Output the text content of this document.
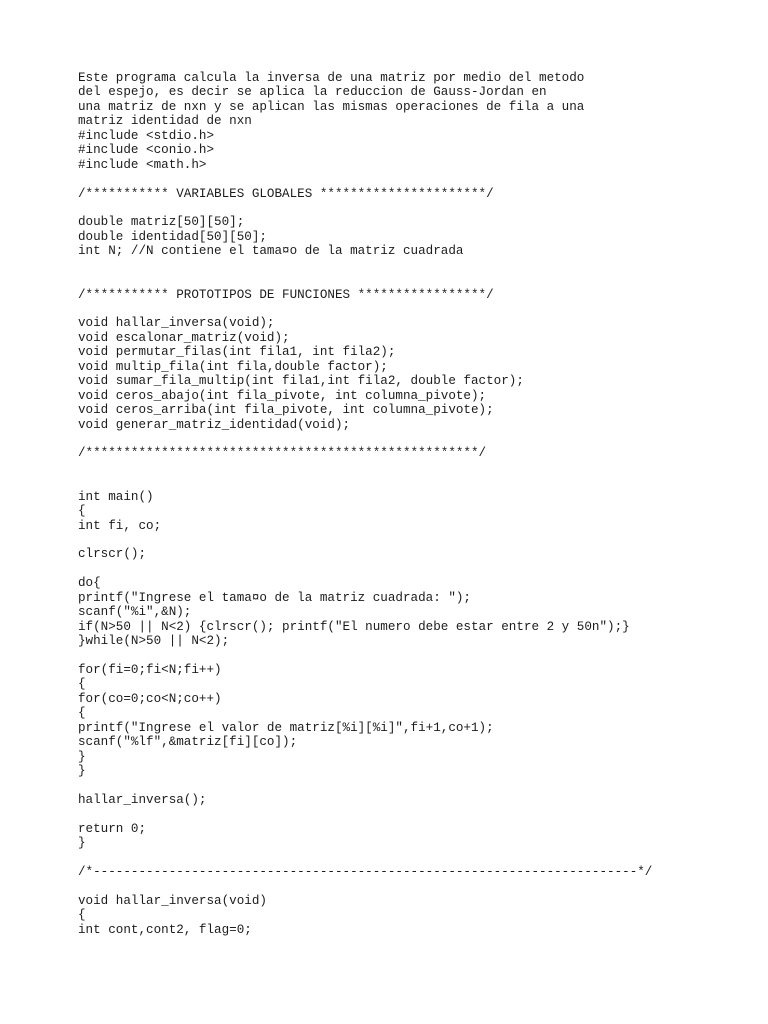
Este programa calcula la inversa de una matriz por medio del metodo
del espejo, es decir se aplica la reduccion de Gauss-Jordan en
una matriz de nxn y se aplican las mismas operaciones de fila a una
matriz identidad de nxn
#include <stdio.h>
#include <conio.h>
#include <math.h>
/*********** VARIABLES GLOBALES **********************/
double matriz[50][50];
double identidad[50][50];
int N; //N contiene el tama¤o de la matriz cuadrada
/*********** PROTOTIPOS DE FUNCIONES *****************/
void hallar_inversa(void);
void escalonar_matriz(void);
void permutar_filas(int fila1, int fila2);
void multip_fila(int fila,double factor);
void sumar_fila_multip(int fila1,int fila2, double factor);
void ceros_abajo(int fila_pivote, int columna_pivote);
void ceros_arriba(int fila_pivote, int columna_pivote);
void generar_matriz_identidad(void);
/****************************************************/
int main()
{
int fi, co;
clrscr();
do{
printf("Ingrese el tama¤o de la matriz cuadrada: ");
scanf("%i",&N);
if(N>50 || N<2) {clrscr(); printf("El numero debe estar entre 2 y 50n");}
}while(N>50 || N<2);
for(fi=0;fi<N;fi++)
{
for(co=0;co<N;co++)
{
printf("Ingrese el valor de matriz[%i][%i]",fi+1,co+1);
scanf("%lf",&matriz[fi][co]);
}
}
hallar_inversa();
return 0;
}
/*------------------------------------------------------------------------*/
void hallar_inversa(void)
{
int cont,cont2, flag=0;
